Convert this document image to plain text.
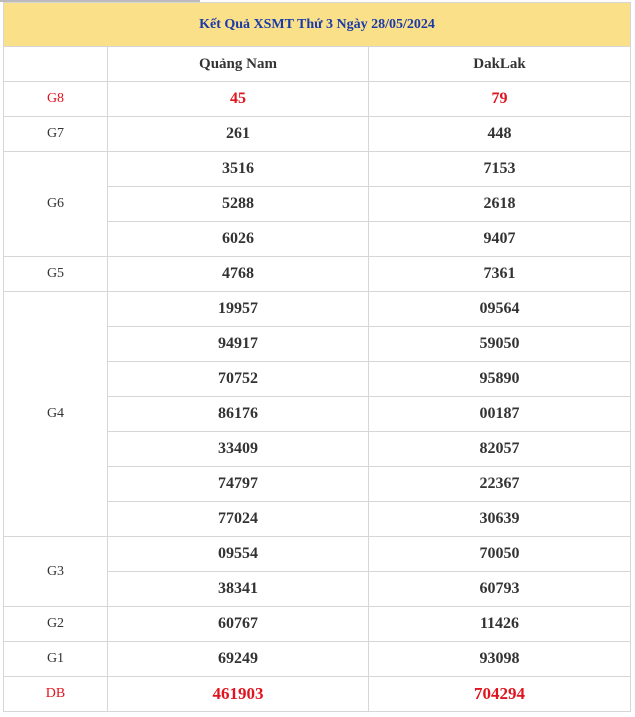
Kết Quả XSMT Thứ 3 Ngày 28/05/2024		
	Quảng Nam	DakLak
G8	45	79
G7	261	448
G6	3516	7153
	5288	2618
	6026	9407
G5	4768	7361
G4	19957	09564
	94917	59050
	70752	95890
	86176	00187
	33409	82057
	74797	22367
	77024	30639
G3	09554	70050
	38341	60793
G2	60767	11426
G1	69249	93098
DB	461903	704294
